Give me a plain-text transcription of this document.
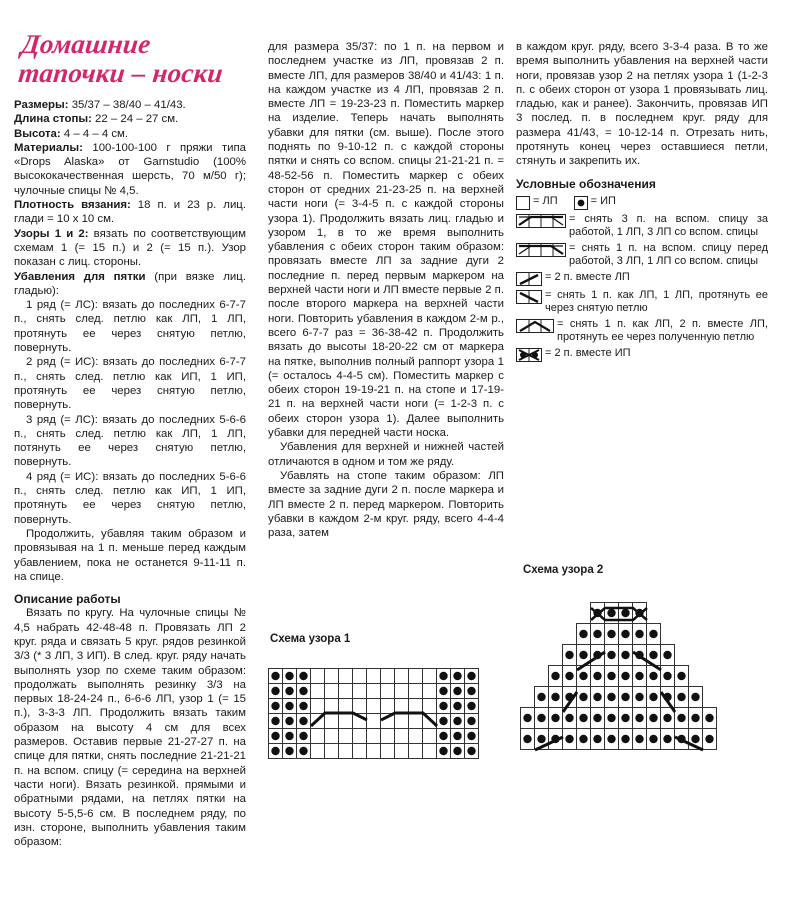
Домашние
тапочки – носки

Размеры: 35/37 – 38/40 – 41/43.

Длина стопы: 22 – 24 – 27 см.

Высота: 4 – 4 – 4 см.

Материалы: 100-100-100 г пряжи типа «Drops Alaska» от Garnstudio (100% высококачественная шерсть, 70 м/50 г); чулочные спицы № 4,5.

Плотность вязания: 18 п. и 23 р. лиц. глади = 10 х 10 см.

Узоры 1 и 2: вязать по соответствующим схемам 1 (= 15 п.) и 2 (= 15 п.). Узор показан с лиц. стороны.

Убавления для пятки (при вязке лиц. гладью):

1 ряд (= ЛС): вязать до последних 6-7-7 п., снять след. петлю как ЛП, 1 ЛП, протянуть ее через снятую петлю, повернуть.

2 ряд (= ИС): вязать до последних 6-7-7 п., снять след. петлю как ИП, 1 ИП, протянуть ее через снятую петлю, повернуть.

3 ряд (= ЛС): вязать до последних 5-6-6 п., снять след. петлю как ЛП, 1 ЛП, потянуть ее через снятую петлю, повернуть.

4 ряд (= ИС): вязать до последних 5-6-6 п., снять след. петлю как ИП, 1 ИП, протянуть ее через снятую петлю, повернуть.

Продолжить, убавляя таким образом и провязывая на 1 п. меньше перед каждым убавлением, пока не останется 9-11-11 п. на спице.

Описание работы

Вязать по кругу. На чулочные спицы № 4,5 набрать 42-48-48 п. Провязать ЛП 2 круг. ряда и связать 5 круг. рядов резинкой 3/3 (* 3 ЛП, 3 ИП). В след. круг. ряду начать выполнять узор по схеме таким образом: продолжать выполнять резинку 3/3 на первых 18-24-24 п., 6-6-6 ЛП, узор 1 (= 15 п.), 3-3-3 ЛП. Продолжить вязать таким образом на высоту 4 см для всех размеров. Оставив первые 21-27-27 п. на спице для пятки, снять последние 21-21-21 п. на вспом. спицу (= середина на верхней части ноги). Вязать резинкой. прямыми и обратными рядами, на петлях пятки на высоту 5-5,5-6 см. В последнем ряду, по изн. стороне, выполнить убавления таким образом:

для размера 35/37: по 1 п. на первом и последнем участке из ЛП, провязав 2 п. вместе ЛП, для размеров 38/40 и 41/43: 1 п. на каждом участке из 4 ЛП, провязав 2 п. вместе ЛП = 19-23-23 п. Поместить маркер на изделие. Теперь начать выполнять убавки для пятки (см. выше). После этого поднять по 9-10-12 п. с каждой стороны пятки и снять со вспом. спицы 21-21-21 п. = 48-52-56 п. Поместить маркер с обеих сторон от средних 21-23-25 п. на верхней части ноги (= 3-4-5 п. с каждой стороны узора 1). Продолжить вязать лиц. гладью и узором 1, в то же время выполнить убавления с обеих сторон таким образом: провязать вместе ЛП за задние дуги 2 последние п. перед первым маркером на верхней части ноги и ЛП вместе первые 2 п. после второго маркера на верхней части ноги. Повторить убавления в каждом 2-м р., всего 6-7-7 раз = 36-38-42 п. Продолжить вязать до высоты 18-20-22 см от маркера на пятке, выполнив полный раппорт узора 1 (= осталось 4-4-5 см). Поместить маркер с обеих сторон 19-19-21 п. на стопе и 17-19-21 п. на верхней части ноги (= 1-2-3 п. с обеих сторон узора 1). Далее выполнить убавки для передней части носка.

Убавления для верхней и нижней частей отличаются в одном и том же ряду.

Убавлять на стопе таким образом: ЛП вместе за задние дуги 2 п. после маркера и ЛП вместе 2 п. перед маркером. Повторить убавки в каждом 2-м круг. ряду, всего 4-4-4 раза, затем

в каждом круг. ряду, всего 3-3-4 раза. В то же время выполнить убавления на верхней части ноги, провязав узор 2 на петлях узора 1 (1-2-3 п. с обеих сторон от узора 1 провязывать лиц. гладью, как и ранее). Закончить, провязав ИП 3 послед. п. в последнем круг. ряду для размера 41/43, = 10-12-14 п. Отрезать нить, протянуть конец через оставшиеся петли, стянуть и закрепить их.

Условные обозначения

= ЛП	= ИП
= снять 3 п. на вспом. спицу за работой, 1 ЛП, 3 ЛП со вспом. спицы
= снять 1 п. на вспом. спицу перед работой, 3 ЛП, 1 ЛП со вспом. спицы
= 2 п. вместе ЛП
= снять 1 п. как ЛП, 1 ЛП, протянуть ее через снятую петлю
= снять 1 п. как ЛП, 2 п. вместе ЛП, протянуть ее через полученную петлю
= 2 п. вместе ИП
Схема узора 1
Схема узора 2
